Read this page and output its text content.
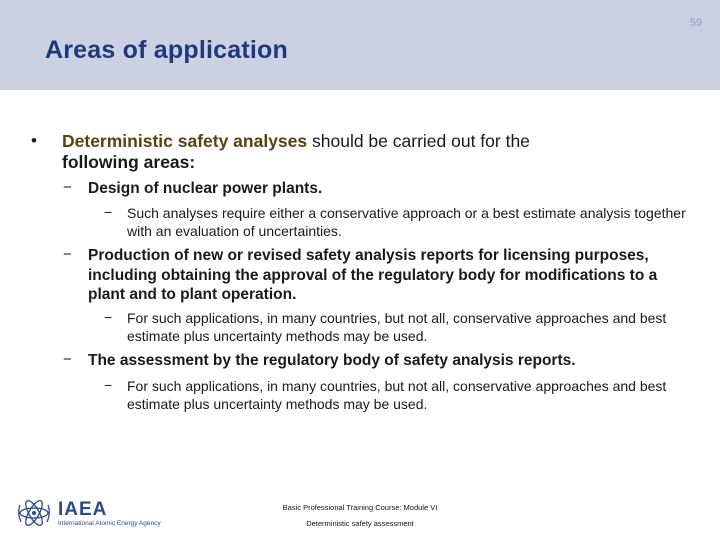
59
Areas of application
• Deterministic safety analyses should be carried out for the
following areas:
− Design of nuclear power plants.
− Such analyses require either a conservative approach or a best estimate analysis together with an evaluation of uncertainties.
− Production of new or revised safety analysis reports for licensing purposes, including obtaining the approval of the regulatory body for modifications to a plant and to plant operation.
− For such applications, in many countries, but not all, conservative approaches and best estimate plus uncertainty methods may be used.
− The assessment by the regulatory body of safety analysis reports.
− For such applications, in many countries, but not all, conservative approaches and best estimate plus uncertainty methods may be used.
IAEA
International Atomic Energy Agency
Basic Professional Training Course: Module VI
Deterministic safety assessment
